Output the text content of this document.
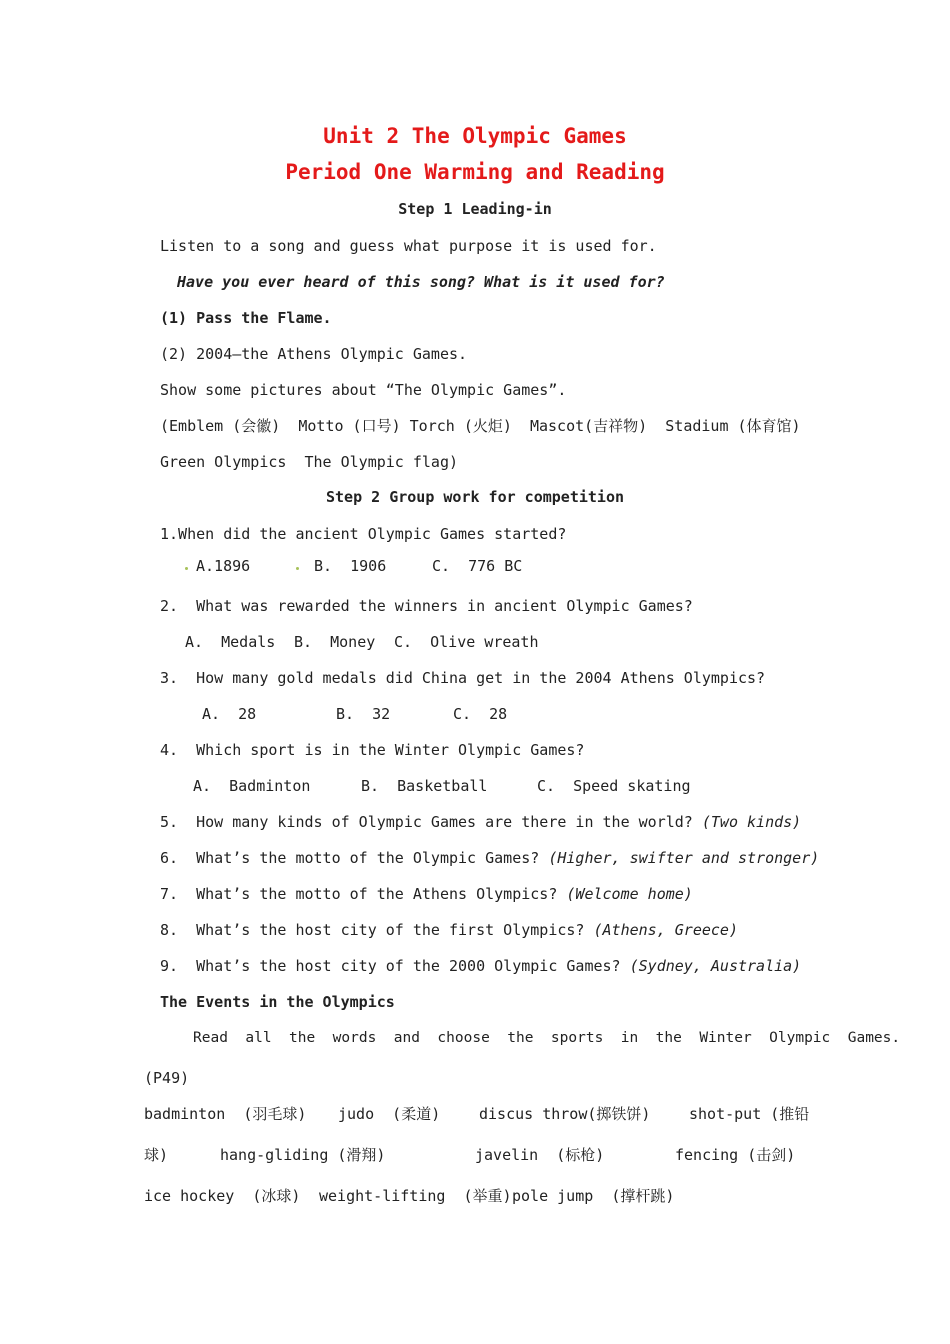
Unit 2 The Olympic Games
Period One Warming and Reading
Step 1 Leading-in
Listen to a song and guess what purpose it is used for.
Have you ever heard of this song? What is it used for?
(1) Pass the Flame.
(2) 2004—the Athens Olympic Games.
Show some pictures about “The Olympic Games”.
(Emblem (会徽)  Motto (口号) Torch (火炬)  Mascot(吉祥物)  Stadium (体育馆)
Green Olympics  The Olympic flag)
Step 2 Group work for competition
1.When did the ancient Olympic Games started?
A.1896	B.  1906	C.  776 BC
2.  What was rewarded the winners in ancient Olympic Games?
A.  Medals B.  Money C.  Olive wreath
3.  How many gold medals did China get in the 2004 Athens Olympics?
A.  28	B.  32	C.  28
4.  Which sport is in the Winter Olympic Games?
A.  Badminton	B.  Basketball	C.  Speed skating
5.  How many kinds of Olympic Games are there in the world? (Two kinds)
6.  What’s the motto of the Olympic Games? (Higher, swifter and stronger)
7.  What’s the motto of the Athens Olympics? (Welcome home)
8.  What’s the host city of the first Olympics? (Athens, Greece)
9.  What’s the host city of the 2000 Olympic Games? (Sydney, Australia)
The Events in the Olympics
Read  all  the  words  and  choose  the  sports  in  the  Winter  Olympic  Games.
(P49)
badminton  (羽毛球) judo  (柔道)	discus throw(掷铁饼)	shot-put (推铅
球)	hang-gliding (滑翔)	javelin  (标枪)	fencing (击剑)
ice hockey  (冰球) weight-lifting  (举重) pole jump  (撑杆跳)
